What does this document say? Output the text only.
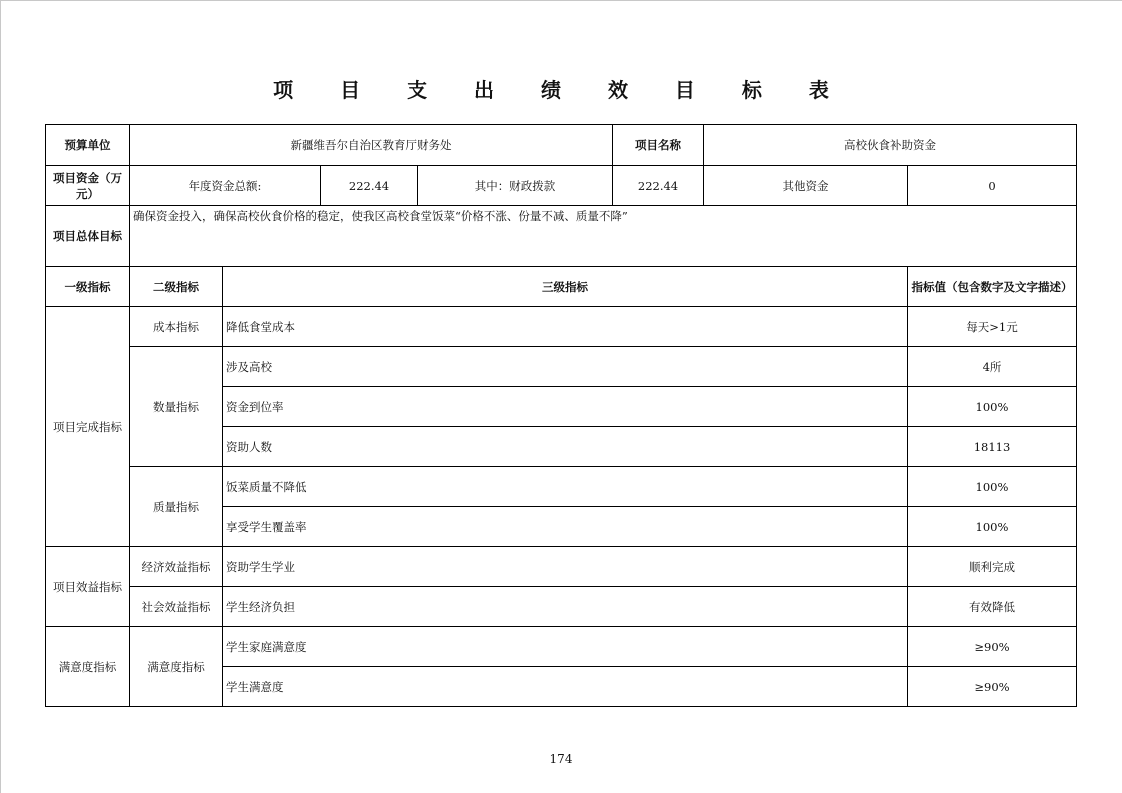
项 目 支 出 绩 效 目 标 表
预算单位	新疆维吾尔自治区教育厅财务处				项目名称	高校伙食补助资金	
项目资金（万元）	年度资金总额:		222.44	其中：财政拨款	222.44	其他资金	0
项目总体目标	确保资金投入，确保高校伙食价格的稳定，使我区高校食堂饭菜“价格不涨、份量不减、质量不降”						
一级指标	二级指标	三级指标					指标值（包含数字及文字描述）
项目完成指标	成本指标	降低食堂成本					每天>1元
	数量指标	涉及高校					4所
		资金到位率					100%
		资助人数					18113
	质量指标	饭菜质量不降低					100%
		享受学生覆盖率					100%
项目效益指标	经济效益指标	资助学生学业					顺利完成
	社会效益指标	学生经济负担					有效降低
满意度指标	满意度指标	学生家庭满意度					≥90%
		学生满意度					≥90%
174
